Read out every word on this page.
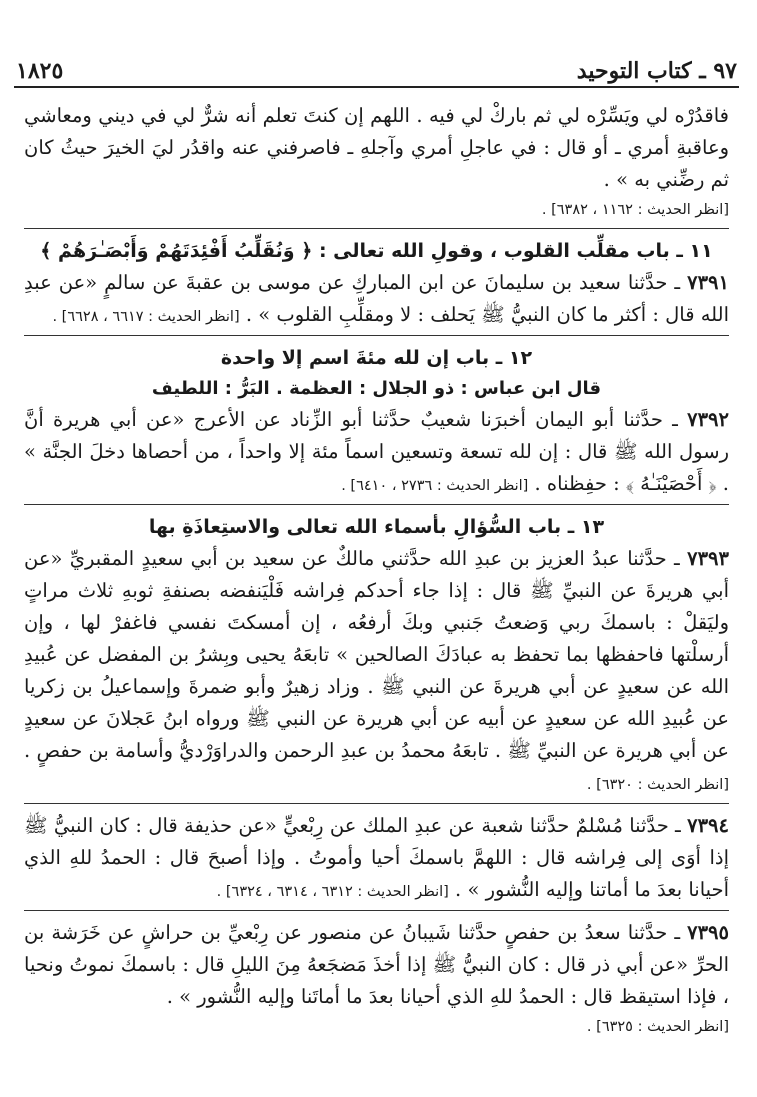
٩٧ ـ كتاب التوحيد
١٨٢٥

فاقدُرْه لي ويَسِّرْه لي ثم باركْ لي فيه . اللهم إن كنتَ تعلم أنه شرٌّ لي في ديني ومعاشي وعاقبةِ أمري ـ أو قال : في عاجلِ أمري وآجلهِ ـ فاصرفني عنه واقدُر ليَ الخيرَ حيثُ كان ثم رضِّني به » .

[انظر الحديث : ١١٦٢ ، ٦٣٨٢] .

١١ ـ باب مقلِّب القلوب ، وقولِ الله تعالى : ﴿ وَنُقَلِّبُ أَفْئِدَتَهُمْ وَأَبْصَـٰرَهُمْ ﴾

٧٣٩١ ـ حدَّثنا سعيد بن سليمانَ عن ابن المباركِ عن موسى بن عقبةَ عن سالمٍ «عن عبدِ الله قال : أكثر ما كان النبيُّ ﷺ يَحلف : لا ومقلِّبِ القلوب » . [انظر الحديث : ٦٦١٧ ، ٦٦٢٨] .

١٢ ـ باب إن لله مئةَ اسم إلا واحدة
قال ابن عباس : ذو الجلال : العظمة . البَرُّ : اللطيف

٧٣٩٢ ـ حدَّثنا أبو اليمان أخبرَنا شعيبٌ حدَّثنا أبو الزِّناد عن الأعرج «عن أبي هريرة أنَّ رسول الله ﷺ قال : إن لله تسعة وتسعين اسماً مئة إلا واحداً ، من أحصاها دخلَ الجنَّة » . ﴿ أَحْصَيْنَـٰهُ ﴾ : حفِظناه . [انظر الحديث : ٢٧٣٦ ، ٦٤١٠] .

١٣ ـ باب السُّؤالِ بأسماء الله تعالى والاستِعاذَةِ بها

٧٣٩٣ ـ حدَّثنا عبدُ العزيز بن عبدِ الله حدَّثني مالكٌ عن سعيد بن أبي سعيدٍ المقبريِّ «عن أبي هريرةَ عن النبيِّ ﷺ قال : إذا جاء أحدكم فِراشه فَلْيَنفضه بصنفةِ ثوبهِ ثلاث مراتٍ وليَقلْ : باسمكَ ربي وَضعتُ جَنبي وبكَ أرفعُه ، إن أمسكتَ نفسي فاغفرْ لها ، وإن أرسلْتها فاحفظها بما تحفظ به عبادَكَ الصالحين » تابعَهُ يحيى وبِشرُ بن المفضل عن عُبيدِ الله عن سعيدٍ عن أبي هريرةَ عن النبي ﷺ . وزاد زهيرٌ وأبو ضمرةَ وإسماعيلُ بن زكريا عن عُبيدِ الله عن سعيدٍ عن أبيه عن أبي هريرة عن النبي ﷺ ورواه ابنُ عَجلانَ عن سعيدٍ عن أبي هريرة عن النبيِّ ﷺ . تابعَهُ محمدُ بن عبدِ الرحمن والدراوَرْديُّ وأسامة بن حفصٍ . [انظر الحديث : ٦٣٢٠] .

٧٣٩٤ ـ حدَّثنا مُسْلمٌ حدَّثنا شعبة عن عبدِ الملك عن رِبْعيٍّ «عن حذيفة قال : كان النبيُّ ﷺ إذا أوَى إلى فِراشه قال : اللهمَّ باسمكَ أحيا وأموتُ . وإذا أصبحَ قال : الحمدُ للهِ الذي أحيانا بعدَ ما أماتنا وإليه النُّشور » . [انظر الحديث : ٦٣١٢ ، ٦٣١٤ ، ٦٣٢٤] .

٧٣٩٥ ـ حدَّثنا سعدُ بن حفصٍ حدَّثنا شَيبانُ عن منصور عن رِبْعيِّ بن حراشٍ عن خَرَشة بن الحرِّ «عن أبي ذر قال : كان النبيُّ ﷺ إذا أخذَ مَضجَعهُ مِنَ الليلِ قال : باسمكَ نموتُ ونحيا ، فإذا استيقظ قال : الحمدُ للهِ الذي أحيانا بعدَ ما أماتَنا وإليه النُّشور » .

[انظر الحديث : ٦٣٢٥] .
